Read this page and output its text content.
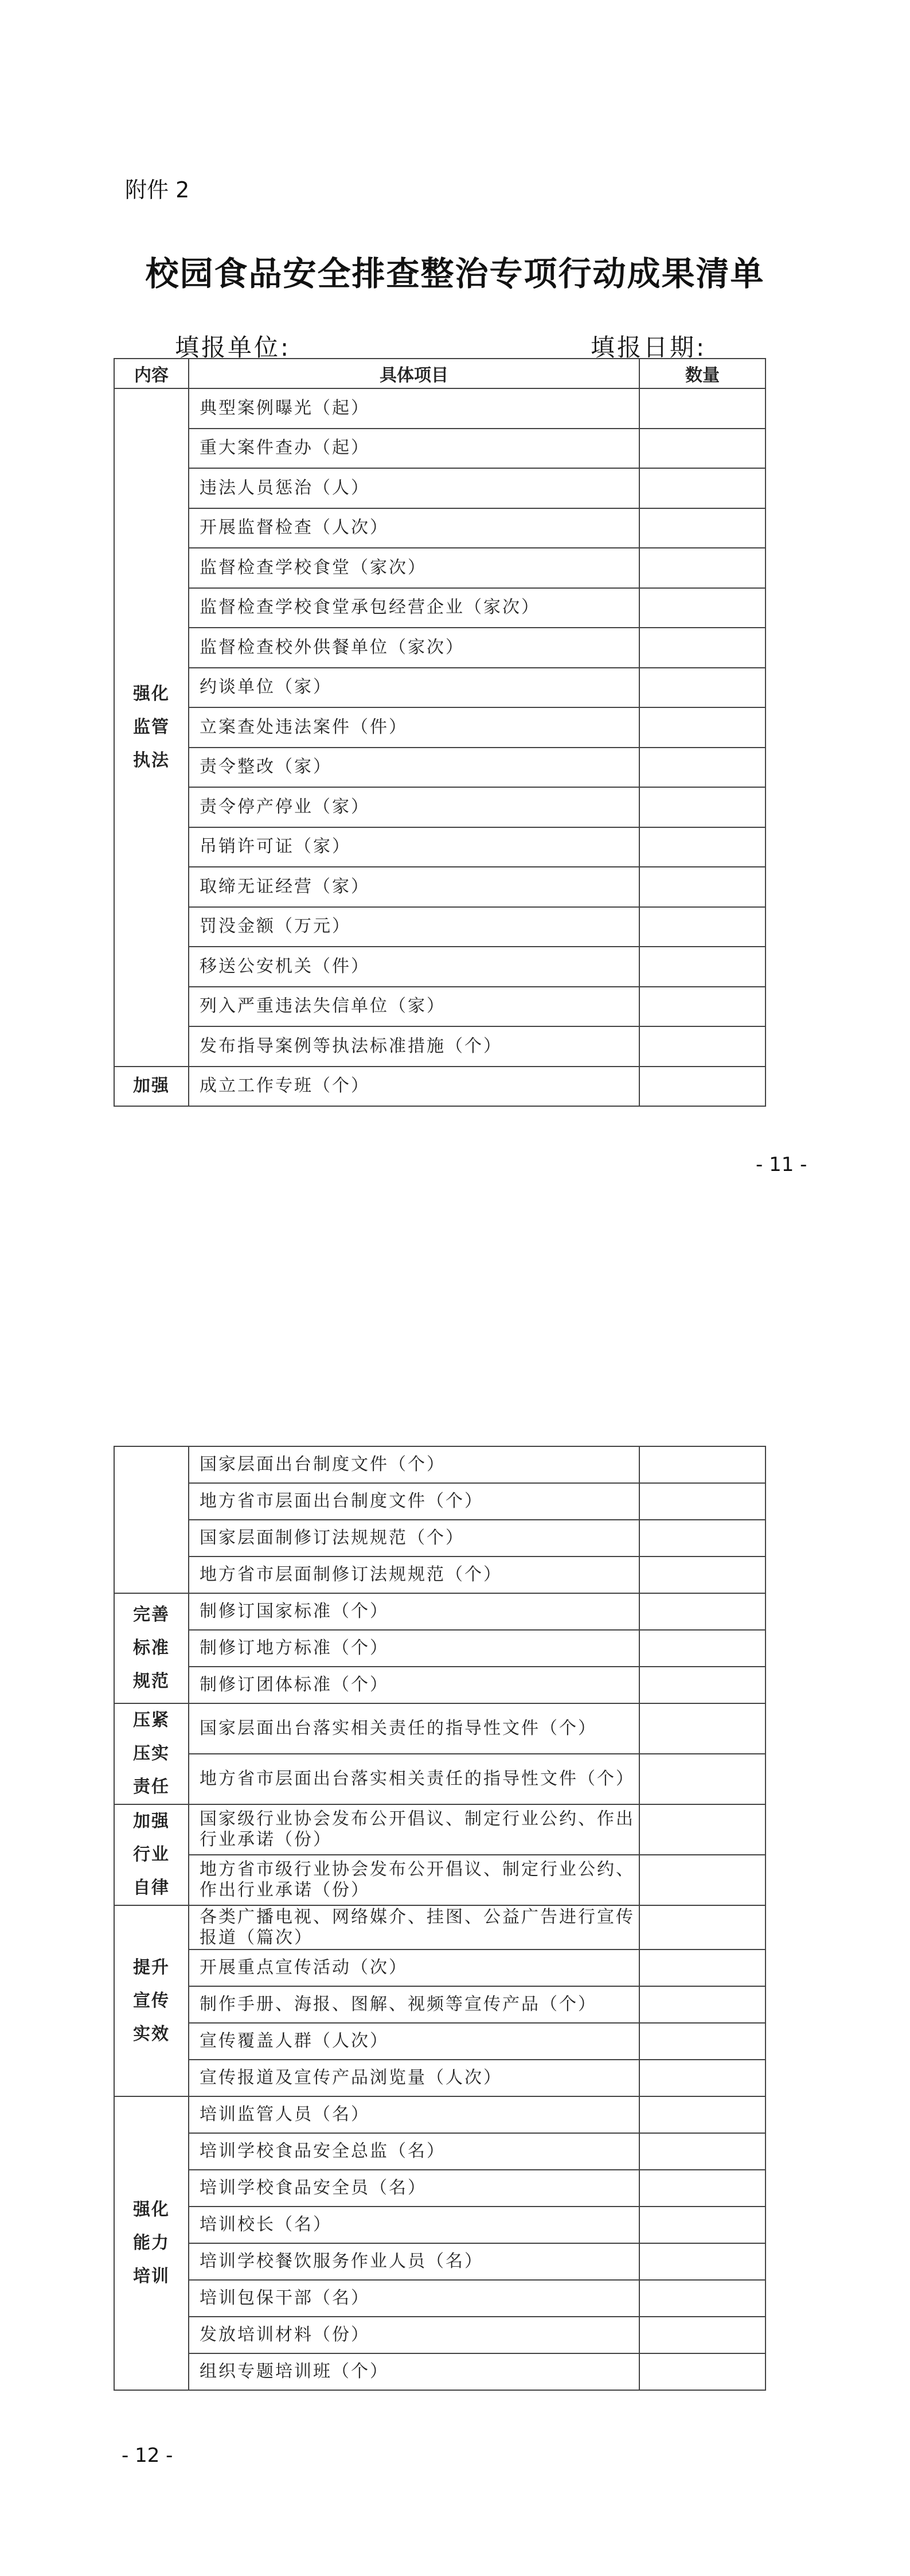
附件 2
校园食品安全排查整治专项行动成果清单
填报单位:	填报日期:
内容	具体项目	数量

强化
监管
执法	典型案例曝光（起）	
	重大案件查办（起）	
	违法人员惩治（人）	
	开展监督检查（人次）	
	监督检查学校食堂（家次）	
	监督检查学校食堂承包经营企业（家次）	
	监督检查校外供餐单位（家次）	
	约谈单位（家）	
	立案查处违法案件（件）	
	责令整改（家）	
	责令停产停业（家）	
	吊销许可证（家）	
	取缔无证经营（家）	
	罚没金额（万元）	
	移送公安机关（件）	
	列入严重违法失信单位（家）	
	发布指导案例等执法标准措施（个）	

加强	成立工作专班（个）	
- 11 -
	国家层面出台制度文件（个）	
	地方省市层面出台制度文件（个）	
	国家层面制修订法规规范（个）	
	地方省市层面制修订法规规范（个）	

完善
标准
规范	制修订国家标准（个）	
	制修订地方标准（个）	
	制修订团体标准（个）	

压紧
压实
责任	国家层面出台落实相关责任的指导性文件（个）	
	地方省市层面出台落实相关责任的指导性文件（个）	

加强
行业
自律	国家级行业协会发布公开倡议、制定行业公约、作出行业承诺（份）	
	地方省市级行业协会发布公开倡议、制定行业公约、作出行业承诺（份）	

提升
宣传
实效	各类广播电视、网络媒介、挂图、公益广告进行宣传报道（篇次）	
	开展重点宣传活动（次）	
	制作手册、海报、图解、视频等宣传产品（个）	
	宣传覆盖人群（人次）	
	宣传报道及宣传产品浏览量（人次）	

强化
能力
培训	培训监管人员（名）	
	培训学校食品安全总监（名）	
	培训学校食品安全员（名）	
	培训校长（名）	
	培训学校餐饮服务作业人员（名）	
	培训包保干部（名）	
	发放培训材料（份）	
	组织专题培训班（个）	
- 12 -
